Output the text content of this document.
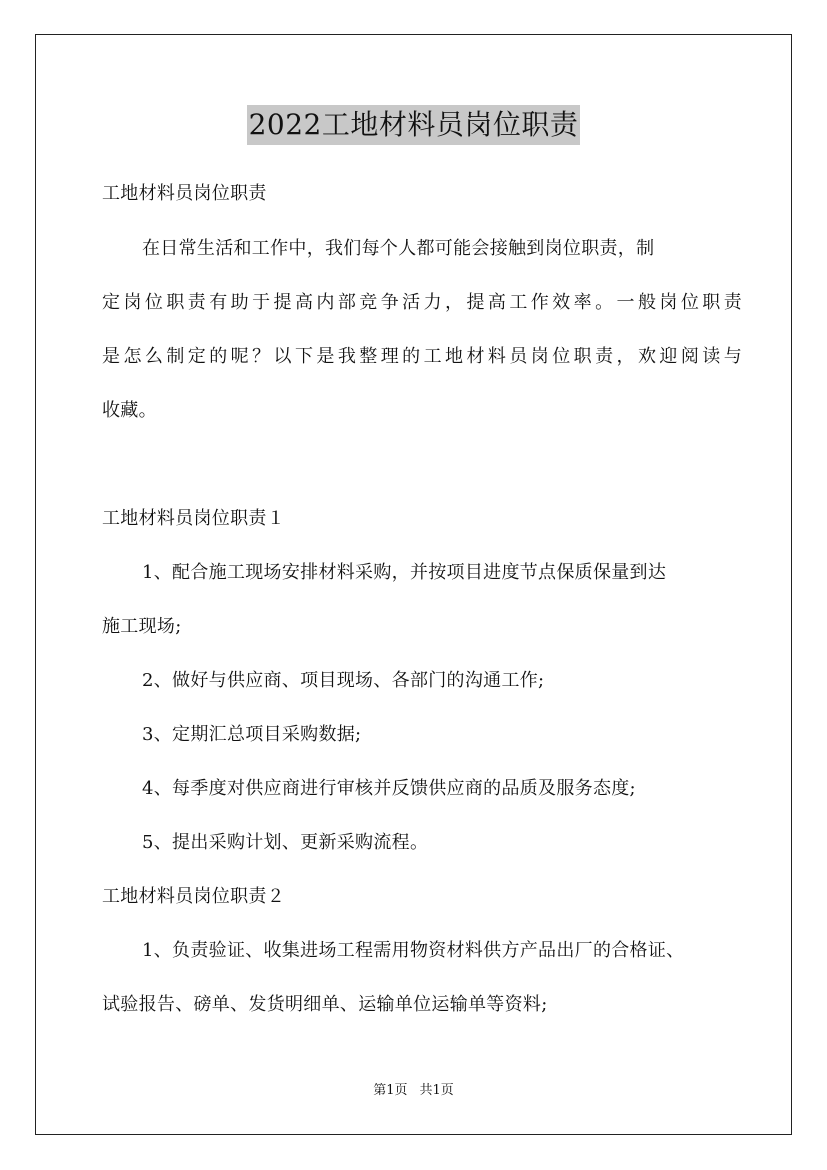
2022工地材料员岗位职责

工地材料员岗位职责

在日常生活和工作中，我们每个人都可能会接触到岗位职责，制

定岗位职责有助于提高内部竞争活力，提高工作效率。一般岗位职责

是怎么制定的呢？以下是我整理的工地材料员岗位职责，欢迎阅读与

收藏。

工地材料员岗位职责１

1、配合施工现场安排材料采购，并按项目进度节点保质保量到达

施工现场;

2、做好与供应商、项目现场、各部门的沟通工作;

3、定期汇总项目采购数据;

4、每季度对供应商进行审核并反馈供应商的品质及服务态度;

5、提出采购计划、更新采购流程。

工地材料员岗位职责２

1、负责验证、收集进场工程需用物资材料供方产品出厂的合格证、

试验报告、磅单、发货明细单、运输单位运输单等资料;

第1页 共1页
